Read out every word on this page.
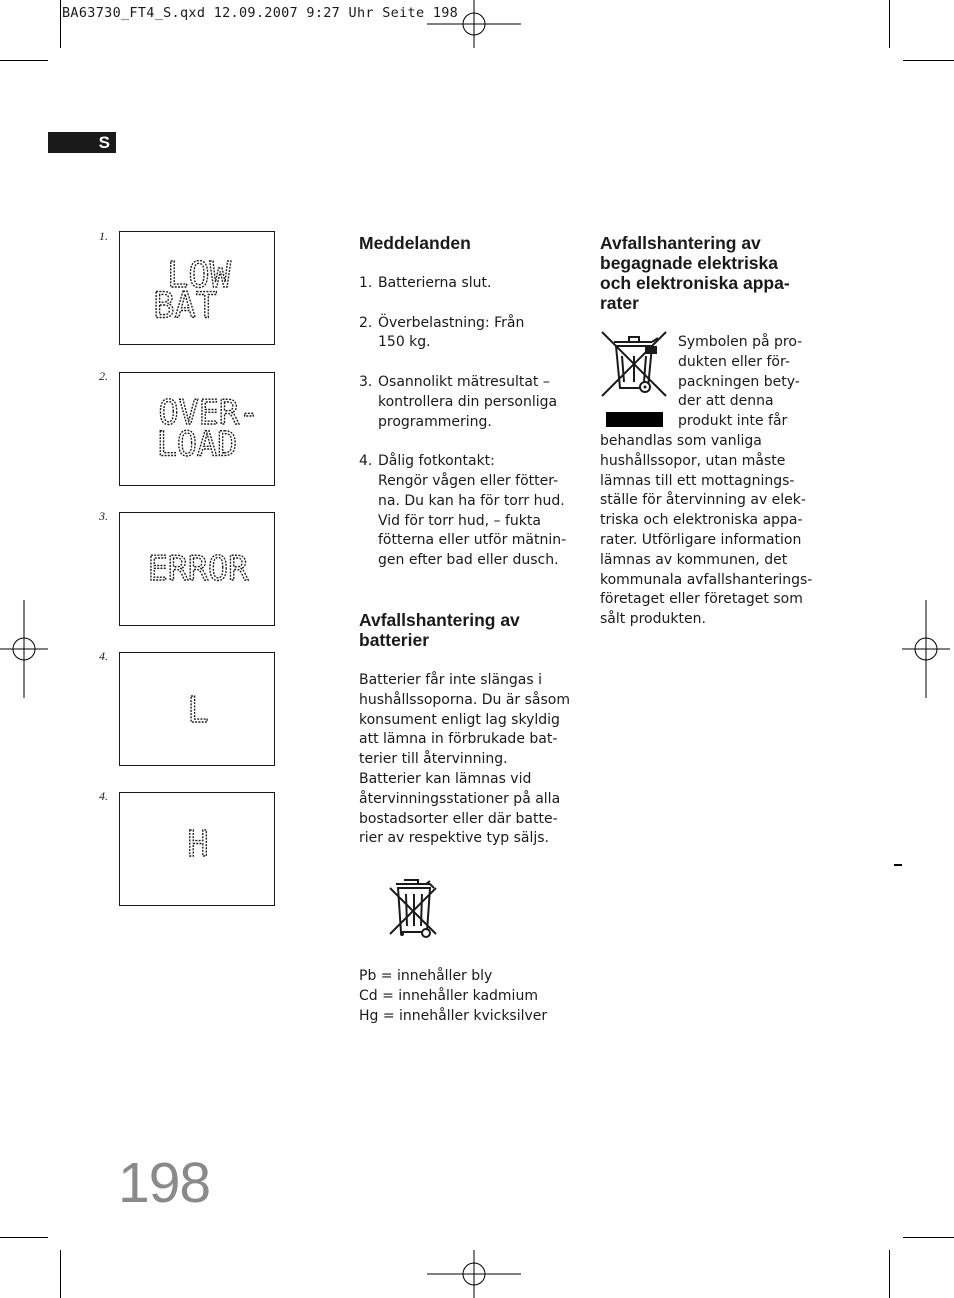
BA63730_FT4_S.qxd 12.09.2007 9:27 Uhr Seite 198
S
1.
LOW
BAT
2.
OVER-
LOAD
3.
ERROR
4.
L
4.
H
Meddelanden
1. Batterierna slut.
2. Överbelastning: Från
150 kg.
3. Osannolikt mätresultat –
kontrollera din personliga
programmering.
4. Dålig fotkontakt:
Rengör vågen eller fötter-
na. Du kan ha för torr hud.
Vid för torr hud, – fukta
fötterna eller utför mätnin-
gen efter bad eller dusch.
Avfallshantering av
batterier
Batterier får inte slängas i
hushållssoporna. Du är såsom
konsument enligt lag skyldig
att lämna in förbrukade bat-
terier till återvinning.
Batterier kan lämnas vid
återvinningsstationer på alla
bostadsorter eller där batte-
rier av respektive typ säljs.
Pb = innehåller bly
Cd = innehåller kadmium
Hg = innehåller kvicksilver
Avfallshantering av
begagnade elektriska
och elektroniska appa-
rater
Symbolen på pro-
dukten eller för-
packningen bety-
der att denna
produkt inte får
behandlas som vanliga
hushållssopor, utan måste
lämnas till ett mottagnings-
ställe för återvinning av elek-
triska och elektroniska appa-
rater. Utförligare information
lämnas av kommunen, det
kommunala avfallshanterings-
företaget eller företaget som
sålt produkten.
198
